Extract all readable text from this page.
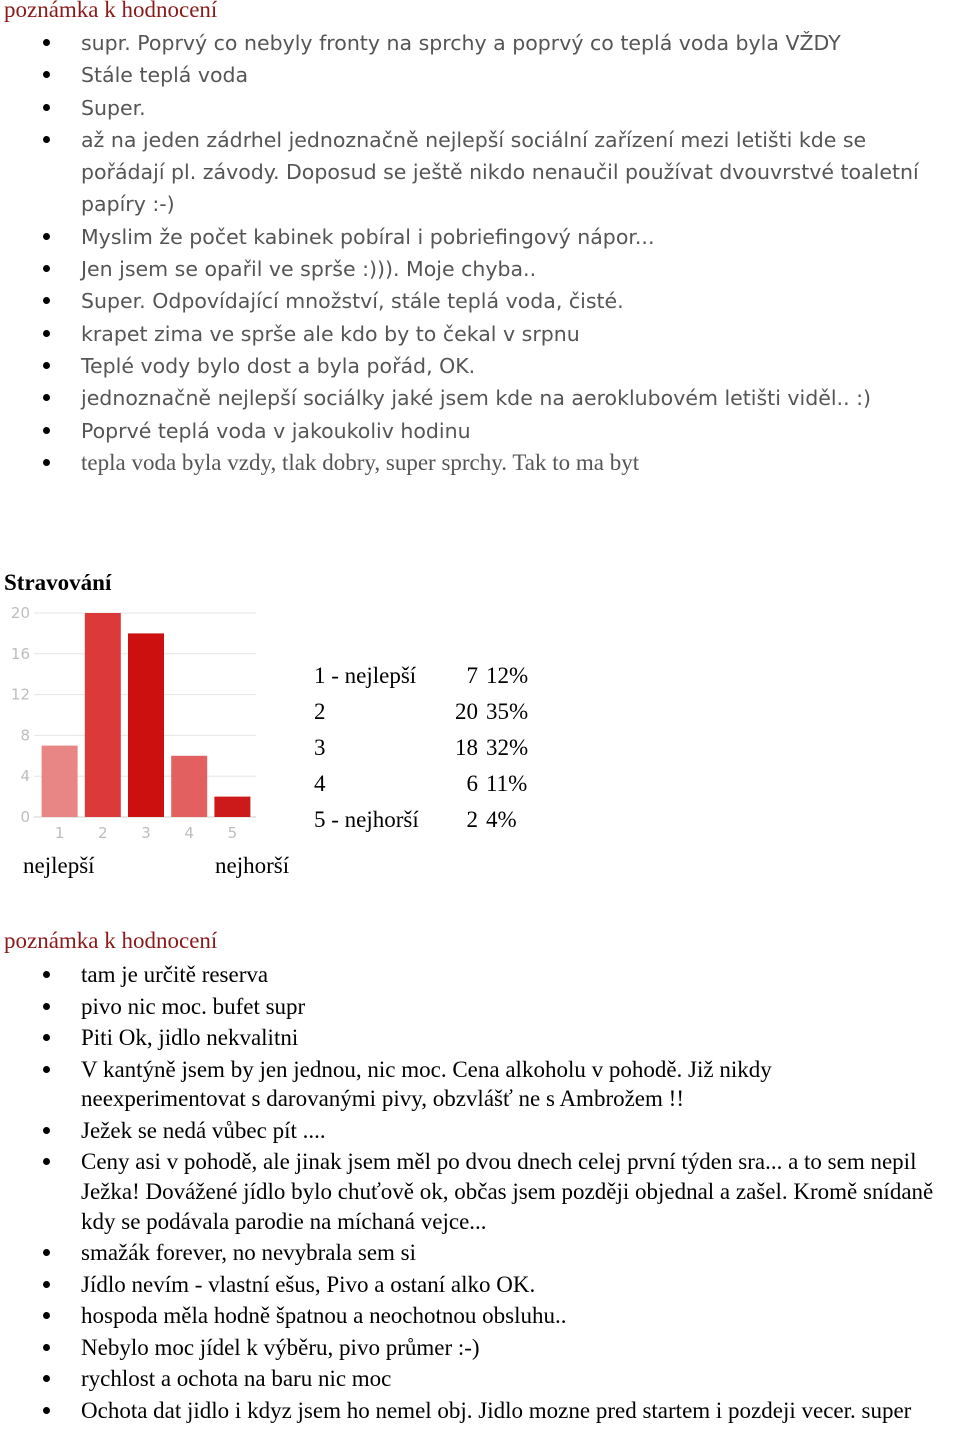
poznámka k hodnocení
supr. Poprvý co nebyly fronty na sprchy a poprvý co teplá voda byla VŽDY
Stále teplá voda
Super.
až na jeden zádrhel jednoznačně nejlepší sociální zařízení mezi letišti kde se pořádají pl. závody. Doposud se ještě nikdo nenaučil používat dvouvrstvé toaletní papíry :-)
Myslim že počet kabinek pobíral i pobriefingový nápor...
Jen jsem se opařil ve sprše :))). Moje chyba..
Super. Odpovídající množství, stále teplá voda, čisté.
krapet zima ve sprše ale kdo by to čekal v srpnu
Teplé vody bylo dost a byla pořád, OK.
jednoznačně nejlepší sociálky jaké jsem kde na aeroklubovém letišti viděl.. :)
Poprvé teplá voda v jakoukoliv hodinu
tepla voda byla vzdy, tlak dobry, super sprchy. Tak to ma byt
Stravování
0
4
8
12
16
20
1 2 3 4 5
1 - nejlepší	7 12%
2	20 35%
3	18 32%
4	6 11%
5 - nejhorší	2 4%
nejlepší	nejhorší
poznámka k hodnocení
tam je určitě reserva
pivo nic moc. bufet supr
Piti Ok, jidlo nekvalitni
V kantýně jsem by jen jednou, nic moc. Cena alkoholu v pohodě. Již nikdy neexperimentovat s darovanými pivy, obzvlášť ne s Ambrožem !!
Ježek se nedá vůbec pít ....
Ceny asi v pohodě, ale jinak jsem měl po dvou dnech celej první týden sra... a to sem nepil Ježka! Dovážené jídlo bylo chuťově ok, občas jsem později objednal a zašel. Kromě snídaně kdy se podávala parodie na míchaná vejce...
smažák forever, no nevybrala sem si
Jídlo nevím - vlastní ešus, Pivo a ostaní alko OK.
hospoda měla hodně špatnou a neochotnou obsluhu..
Nebylo moc jídel k výběru, pivo průmer :-)
rychlost a ochota na baru nic moc
Ochota dat jidlo i kdyz jsem ho nemel obj. Jidlo mozne pred startem i pozdeji vecer. super
